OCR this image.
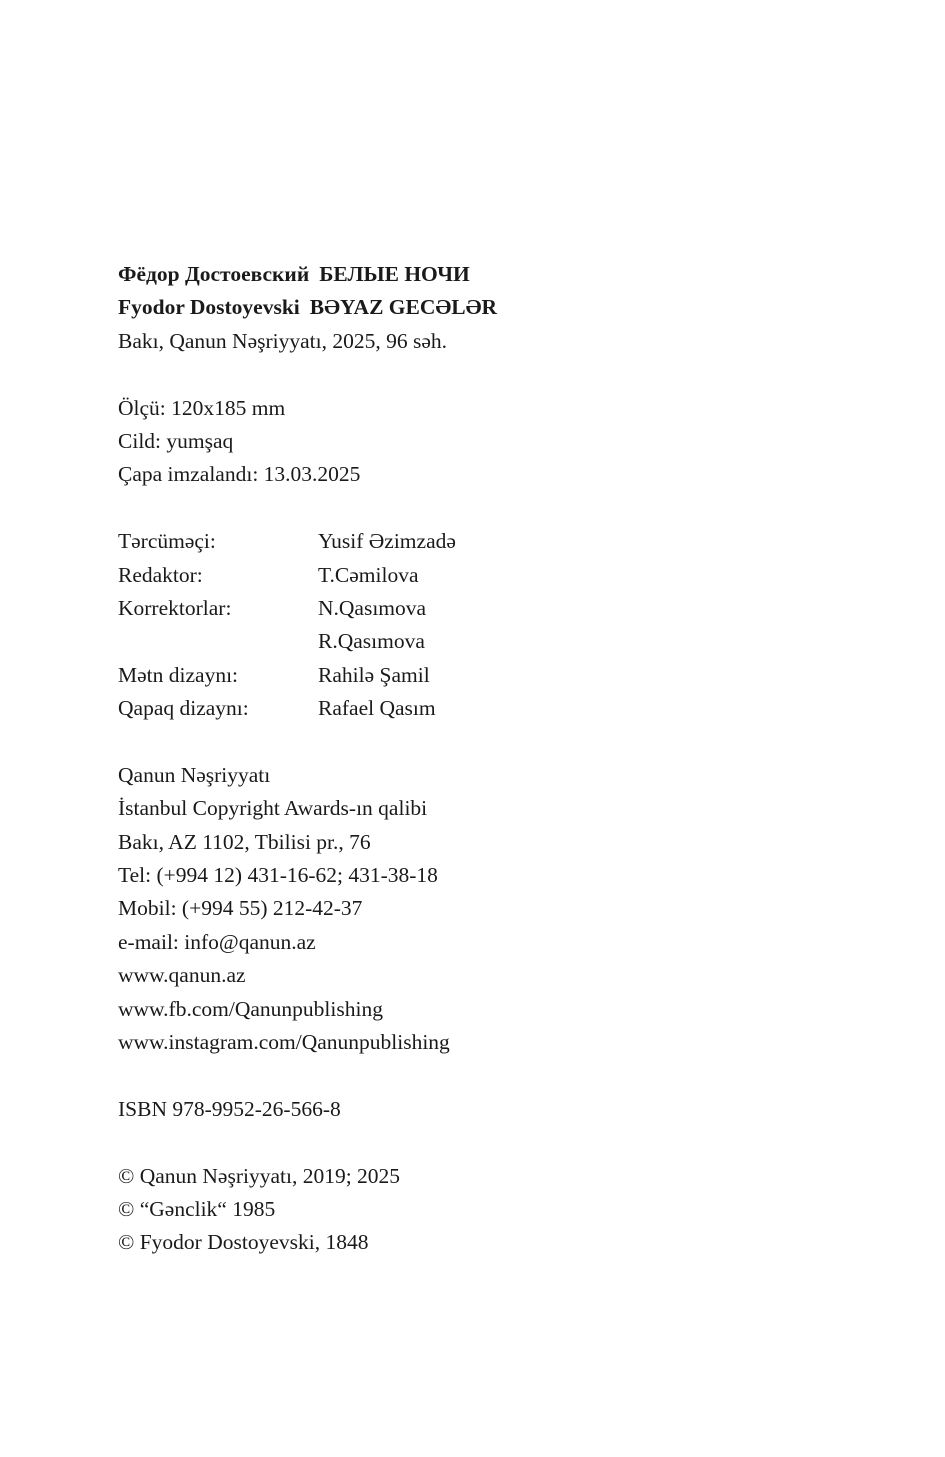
Фёдор Достоевский БЕЛЫЕ НОЧИ
Fyodor Dostoyevski BƏYAZ GECƏLƏR
Bakı, Qanun Nəşriyyatı, 2025, 96 səh.
Ölçü: 120x185 mm
Cild: yumşaq
Çapa imzalandı: 13.03.2025
Tərcüməçi:	Yusif Əzimzadə
Redaktor:	T.Cəmilova
Korrektorlar:	N.Qasımova
R.Qasımova
Mətn dizaynı:	Rahilə Şamil
Qapaq dizaynı:	Rafael Qasım
Qanun Nəşriyyatı
İstanbul Copyright Awards-ın qalibi
Bakı, AZ 1102, Tbilisi pr., 76
Tel: (+994 12) 431-16-62; 431-38-18
Mobil: (+994 55) 212-42-37
e-mail: info@qanun.az
www.qanun.az
www.fb.com/Qanunpublishing
www.instagram.com/Qanunpublishing
ISBN 978-9952-26-566-8
© Qanun Nəşriyyatı, 2019; 2025
© “Gənclik“ 1985
© Fyodor Dostoyevski, 1848
